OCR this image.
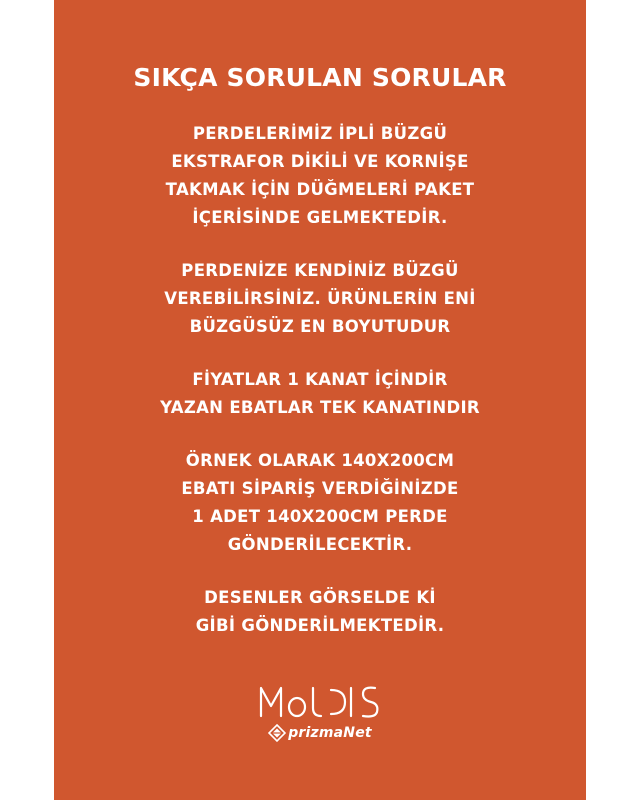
SIKÇA SORULAN SORULAR

PERDELERİMİZ İPLİ BÜZGÜ
EKSTRAFOR DİKİLİ VE KORNİŞE
TAKMAK İÇİN DÜĞMELERİ PAKET
İÇERİSİNDE GELMEKTEDİR.

PERDENİZE KENDİNİZ BÜZGÜ
VEREBİLİRSİNİZ. ÜRÜNLERİN ENİ
BÜZGÜSÜZ EN BOYUTUDUR

FİYATLAR 1 KANAT İÇİNDİR
YAZAN EBATLAR TEK KANATINDIR

ÖRNEK OLARAK 140X200CM
EBATI SİPARİŞ VERDİĞİNİZDE
1 ADET 140X200CM PERDE
GÖNDERİLECEKTİR.

DESENLER GÖRSELDE Kİ
GİBİ GÖNDERİLMEKTEDİR.

prizmaNet
